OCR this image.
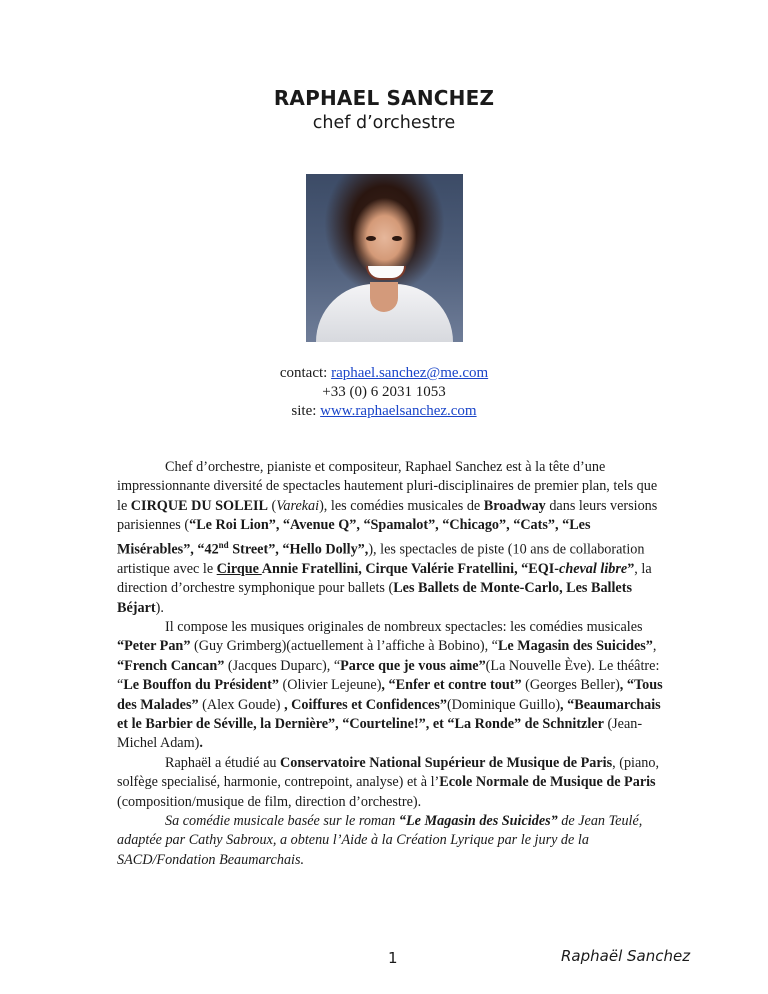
RAPHAEL SANCHEZ
chef d’orchestre
contact: raphael.sanchez@me.com
+33 (0) 6 2031 1053
site: www.raphaelsanchez.com

Chef d’orchestre, pianiste et compositeur, Raphael Sanchez est à la tête d’une impressionnante diversité de spectacles hautement pluri-disciplinaires de premier plan, tels que le CIRQUE DU SOLEIL (Varekai), les comédies musicales de Broadway dans leurs versions parisiennes (“Le Roi Lion”, “Avenue Q”, “Spamalot”, “Chicago”, “Cats”, “Les Misérables”, “42nd Street”, “Hello Dolly”,), les spectacles de piste (10 ans de collaboration artistique avec le Cirque Annie Fratellini, Cirque Valérie Fratellini, “EQI-cheval libre”, la direction d’orchestre symphonique pour ballets (Les Ballets de Monte-Carlo, Les Ballets Béjart).

Il compose les musiques originales de nombreux spectacles: les comédies musicales “Peter Pan” (Guy Grimberg)(actuellement à l’affiche à Bobino), “Le Magasin des Suicides”, “French Cancan” (Jacques Duparc), “Parce que je vous aime”(La Nouvelle Ève). Le théâtre: “Le Bouffon du Président” (Olivier Lejeune), “Enfer et contre tout” (Georges Beller), “Tous des Malades” (Alex Goude) , Coiffures et Confidences”(Dominique Guillo), “Beaumarchais et le Barbier de Séville, la Dernière”, “Courteline!”, et “La Ronde” de Schnitzler (Jean-Michel Adam).

Raphaël a étudié au Conservatoire National Supérieur de Musique de Paris, (piano, solfège specialisé, harmonie, contrepoint, analyse) et à l’Ecole Normale de Musique de Paris (composition/musique de film, direction d’orchestre).

Sa comédie musicale basée sur le roman “Le Magasin des Suicides” de Jean Teulé, adaptée par Cathy Sabroux, a obtenu l’Aide à la Création Lyrique par le jury de la SACD/Fondation Beaumarchais.

1	Raphaël Sanchez
